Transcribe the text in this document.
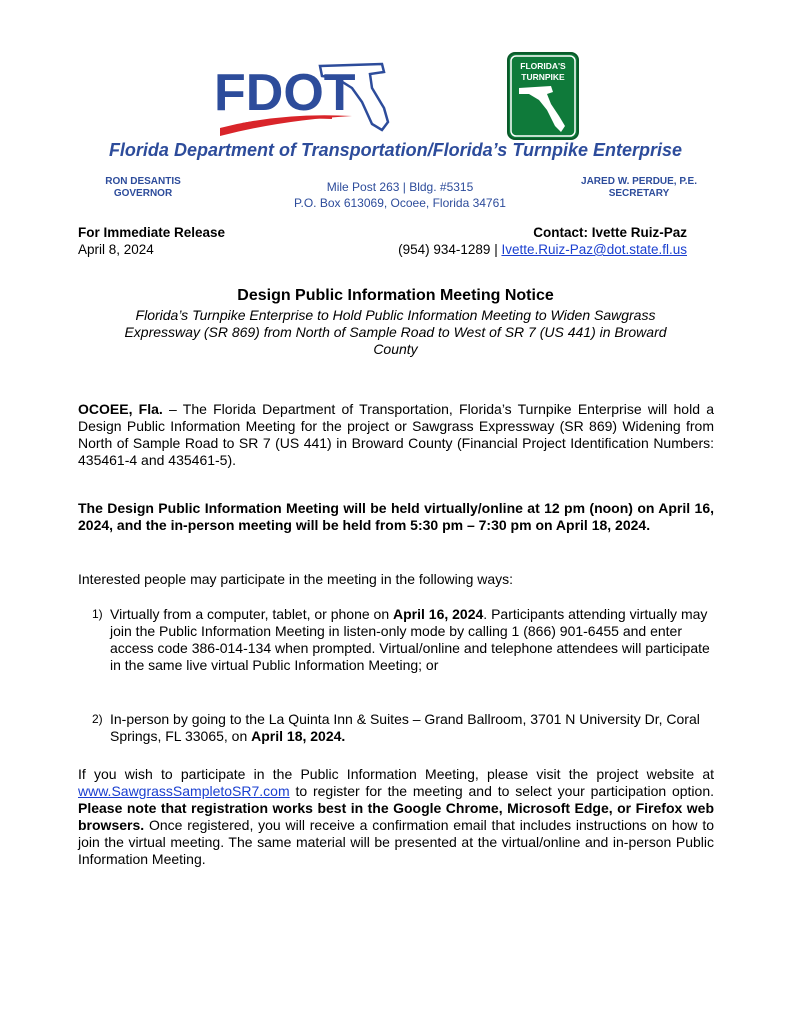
FDOT	FLORIDA'S
TURNPIKE
Florida Department of Transportation/Florida’s Turnpike Enterprise
RON DESANTIS
GOVERNOR	Mile Post 263 | Bldg. #5315
P.O. Box 613069, Ocoee, Florida 34761
JARED W. PERDUE, P.E.
SECRETARY
For Immediate Release
April 8, 2024
Contact: Ivette Ruiz-Paz
(954) 934-1289 | Ivette.Ruiz-Paz@dot.state.fl.us
Design Public Information Meeting Notice
Florida’s Turnpike Enterprise to Hold Public Information Meeting to Widen Sawgrass Expressway (SR 869) from North of Sample Road to West of SR 7 (US 441) in Broward County
OCOEE, Fla. – The Florida Department of Transportation, Florida’s Turnpike Enterprise will hold a Design Public Information Meeting for the project or Sawgrass Expressway (SR 869) Widening from North of Sample Road to SR 7 (US 441) in Broward County (Financial Project Identification Numbers: 435461-4 and 435461-5).
The Design Public Information Meeting will be held virtually/online at 12 pm (noon) on April 16, 2024, and the in-person meeting will be held from 5:30 pm – 7:30 pm on April 18, 2024.
Interested people may participate in the meeting in the following ways:
1) Virtually from a computer, tablet, or phone on April 16, 2024. Participants attending virtually may join the Public Information Meeting in listen-only mode by calling 1 (866) 901-6455 and enter access code 386-014-134 when prompted. Virtual/online and telephone attendees will participate in the same live virtual Public Information Meeting; or
2) In-person by going to the La Quinta Inn & Suites – Grand Ballroom, 3701 N University Dr, Coral Springs, FL 33065, on April 18, 2024.
If you wish to participate in the Public Information Meeting, please visit the project website at www.SawgrassSampletoSR7.com to register for the meeting and to select your participation option. Please note that registration works best in the Google Chrome, Microsoft Edge, or Firefox web browsers. Once registered, you will receive a confirmation email that includes instructions on how to join the virtual meeting. The same material will be presented at the virtual/online and in-person Public Information Meeting.
